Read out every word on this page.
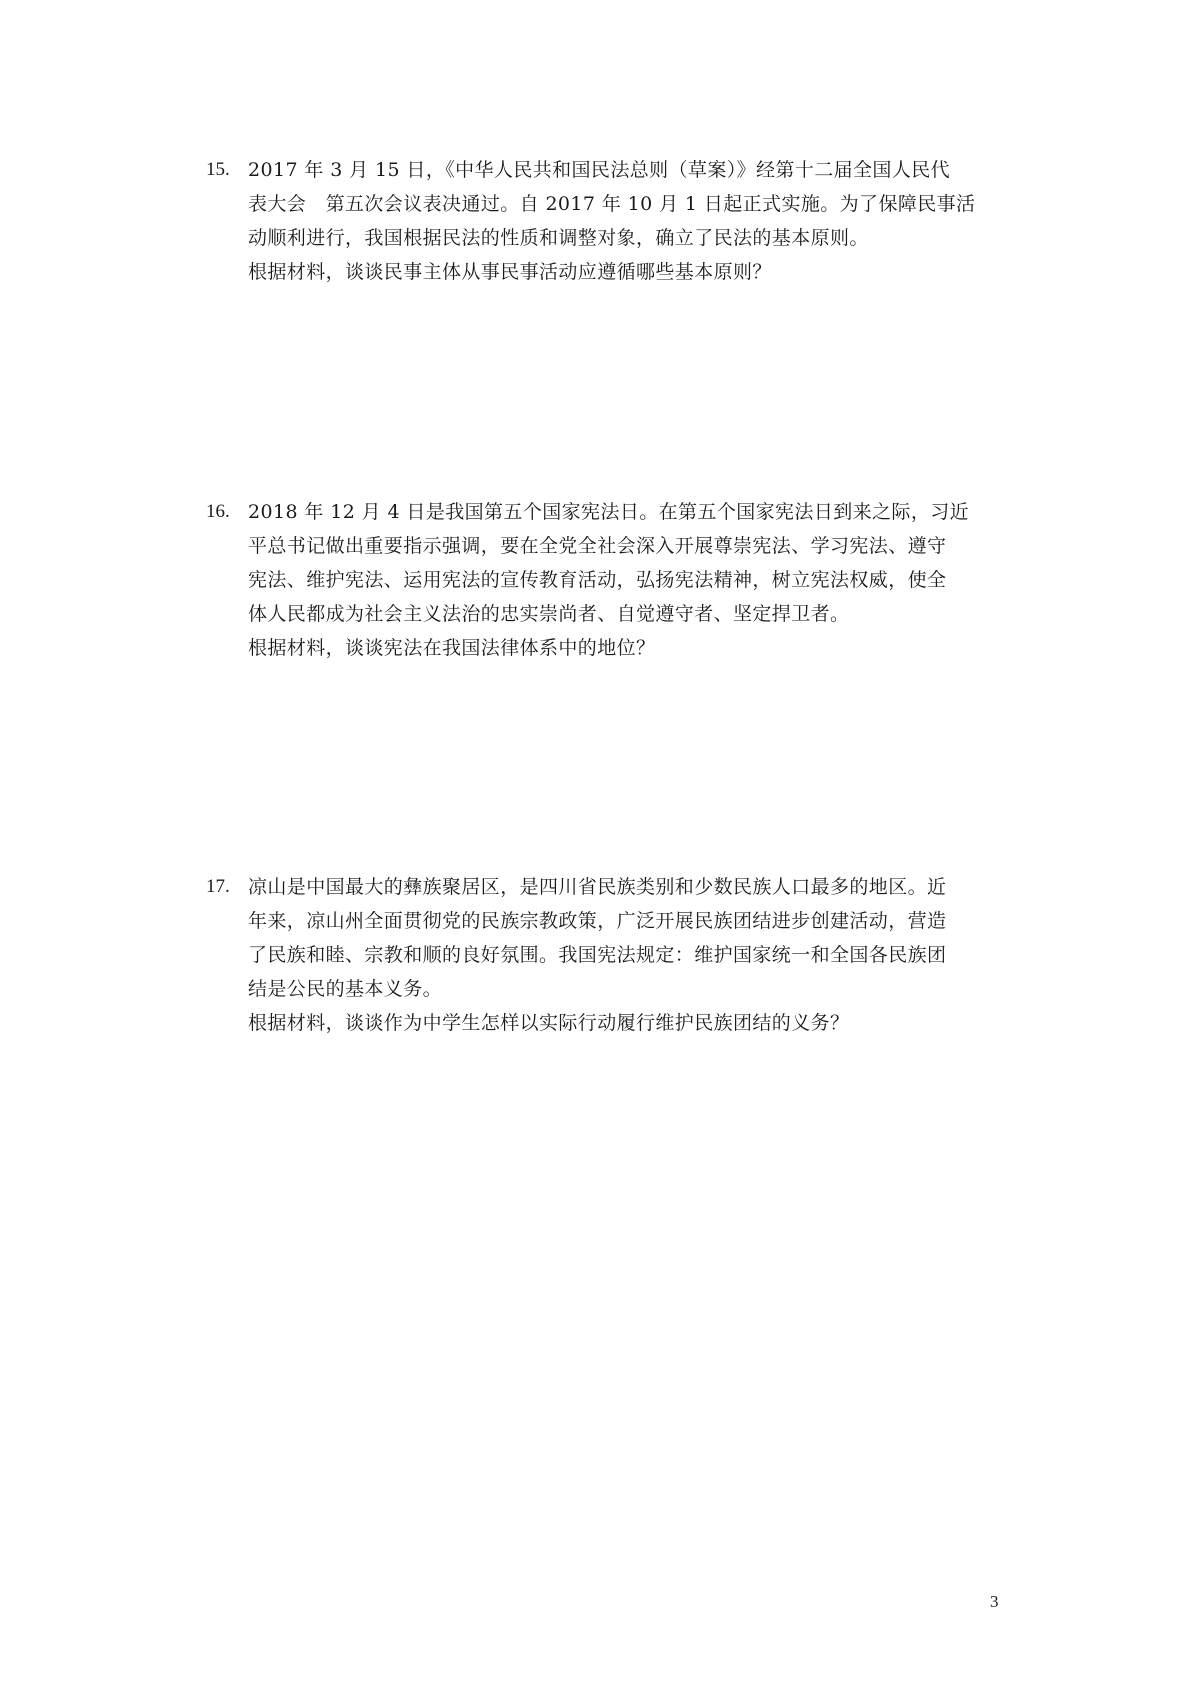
15. 2017 年 3 月 15 日，《中华人民共和国民法总则（草案）》经第十二届全国人民代
表大会　第五次会议表决通过。自 2017 年 10 月 1 日起正式实施。为了保障民事活
动顺利进行，我国根据民法的性质和调整对象，确立了民法的基本原则。
根据材料，谈谈民事主体从事民事活动应遵循哪些基本原则？
16. 2018 年 12 月 4 日是我国第五个国家宪法日。在第五个国家宪法日到来之际，习近
平总书记做出重要指示强调，要在全党全社会深入开展尊崇宪法、学习宪法、遵守
宪法、维护宪法、运用宪法的宣传教育活动，弘扬宪法精神，树立宪法权威，使全
体人民都成为社会主义法治的忠实崇尚者、自觉遵守者、坚定捍卫者。
根据材料，谈谈宪法在我国法律体系中的地位？
17. 凉山是中国最大的彝族聚居区，是四川省民族类别和少数民族人口最多的地区。近
年来，凉山州全面贯彻党的民族宗教政策，广泛开展民族团结进步创建活动，营造
了民族和睦、宗教和顺的良好氛围。我国宪法规定：维护国家统一和全国各民族团
结是公民的基本义务。
根据材料，谈谈作为中学生怎样以实际行动履行维护民族团结的义务？
3
